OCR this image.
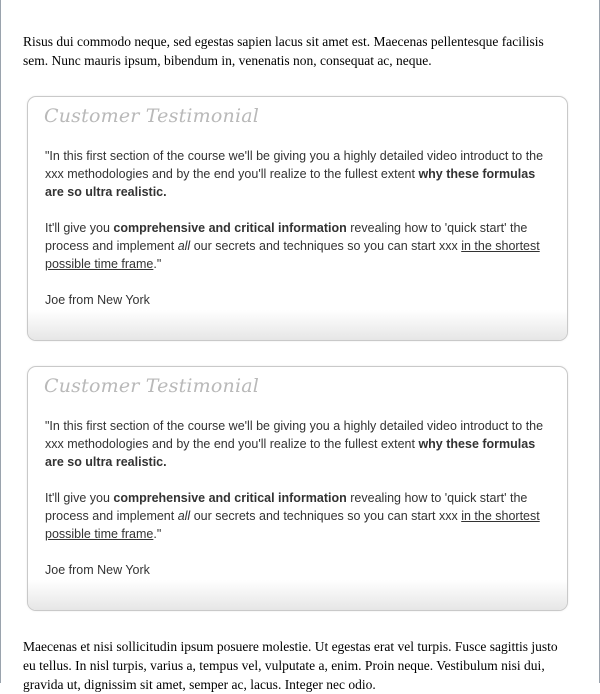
Risus dui commodo neque, sed egestas sapien lacus sit amet est. Maecenas pellentesque facilisis sem. Nunc mauris ipsum, bibendum in, venenatis non, consequat ac, neque.

Customer Testimonial

"In this first section of the course we'll be giving you a highly detailed video introduct to the xxx methodologies and by the end you'll realize to the fullest extent why these formulas are so ultra realistic.

It'll give you comprehensive and critical information revealing how to 'quick start' the process and implement all our secrets and techniques so you can start xxx in the shortest possible time frame."

Joe from New York

Customer Testimonial

"In this first section of the course we'll be giving you a highly detailed video introduct to the xxx methodologies and by the end you'll realize to the fullest extent why these formulas are so ultra realistic.

It'll give you comprehensive and critical information revealing how to 'quick start' the process and implement all our secrets and techniques so you can start xxx in the shortest possible time frame."

Joe from New York

Maecenas et nisi sollicitudin ipsum posuere molestie. Ut egestas erat vel turpis. Fusce sagittis justo eu tellus. In nisl turpis, varius a, tempus vel, vulputate a, enim. Proin neque. Vestibulum nisi dui, gravida ut, dignissim sit amet, semper ac, lacus. Integer nec odio.
